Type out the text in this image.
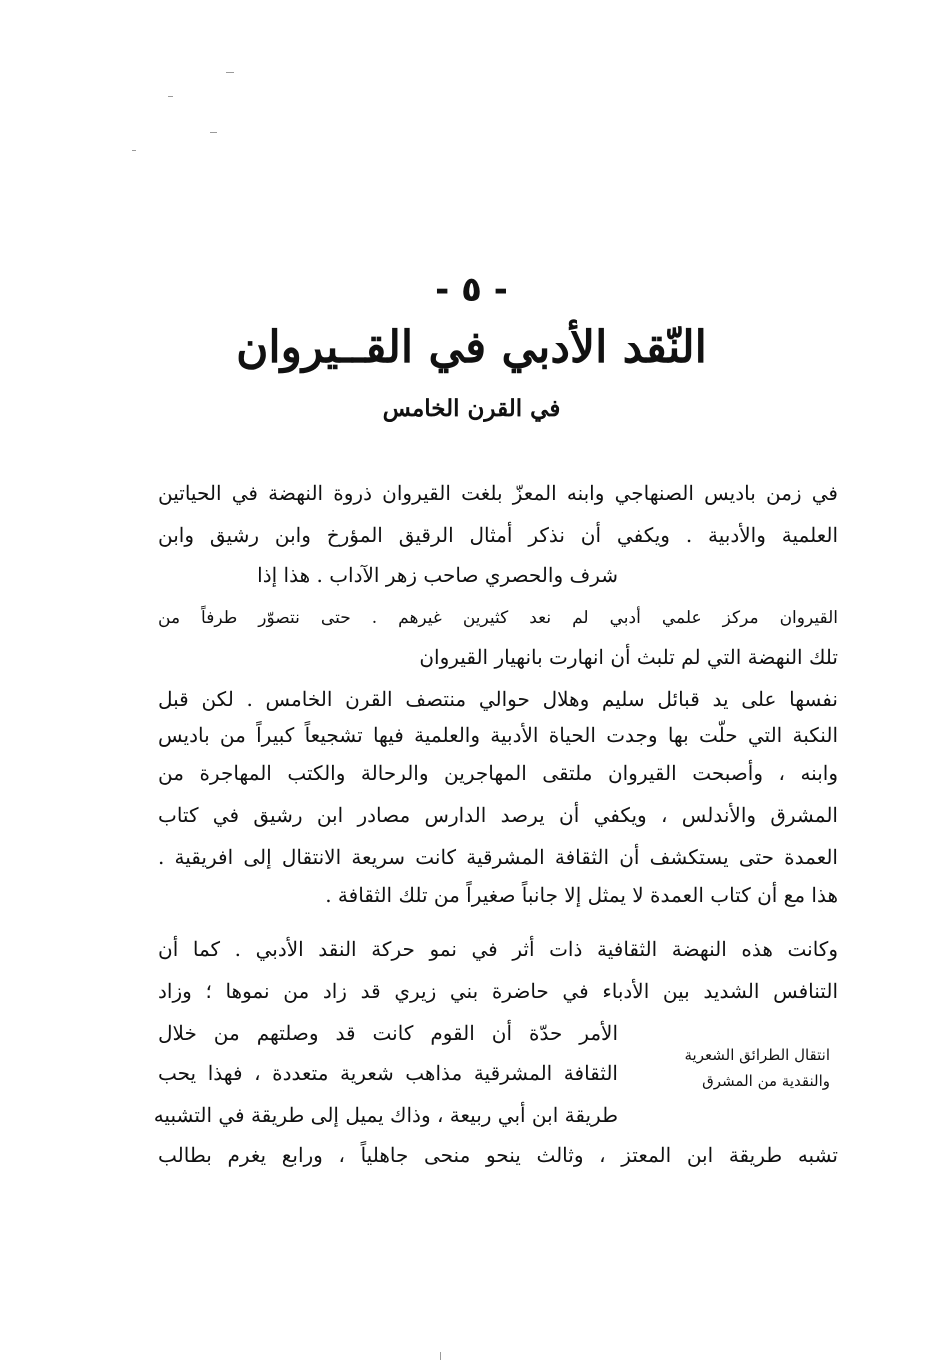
- ٥ -
النّقد الأدبي في القــيروان
في القرن الخامس
في زمن باديس الصنهاجي وابنه المعزّ بلغت القيروان ذروة النهضة في الحياتين
العلمية والأدبية . ويكفي أن نذكر أمثال الرقيق المؤرخ وابن رشيق وابن
شرف والحصري صاحب زهر الآداب . هذا إذا
القيروان مركز علمي أدبي لم نعد كثيرين غيرهم . حتى نتصوّر طرفاً من
تلك النهضة التي لم تلبث أن انهارت بانهيار القيروان
نفسها على يد قبائل سليم وهلال حوالي منتصف القرن الخامس . لكن قبل
النكبة التي حلّت بها وجدت الحياة الأدبية والعلمية فيها تشجيعاً كبيراً من باديس
وابنه ، وأصبحت القيروان ملتقى المهاجرين والرحالة والكتب المهاجرة من
المشرق والأندلس ، ويكفي أن يرصد الدارس مصادر ابن رشيق في كتاب
العمدة حتى يستكشف أن الثقافة المشرقية كانت سريعة الانتقال إلى افريقية .
هذا مع أن كتاب العمدة لا يمثل إلا جانباً صغيراً من تلك الثقافة .
وكانت هذه النهضة الثقافية ذات أثر في نمو حركة النقد الأدبي . كما أن
التنافس الشديد بين الأدباء في حاضرة بني زيري قد زاد من نموها ؛ وزاد
الأمر حدّة أن القوم كانت قد وصلتهم من خلال
الثقافة المشرقية مذاهب شعرية متعددة ، فهذا يحب
طريقة ابن أبي ربيعة ، وذاك يميل إلى طريقة في التشبيه
تشبه طريقة ابن المعتز ، وثالث ينحو منحى جاهلياً ، ورابع يغرم بطالب
انتقال الطرائق الشعرية
والنقدية من المشرق
